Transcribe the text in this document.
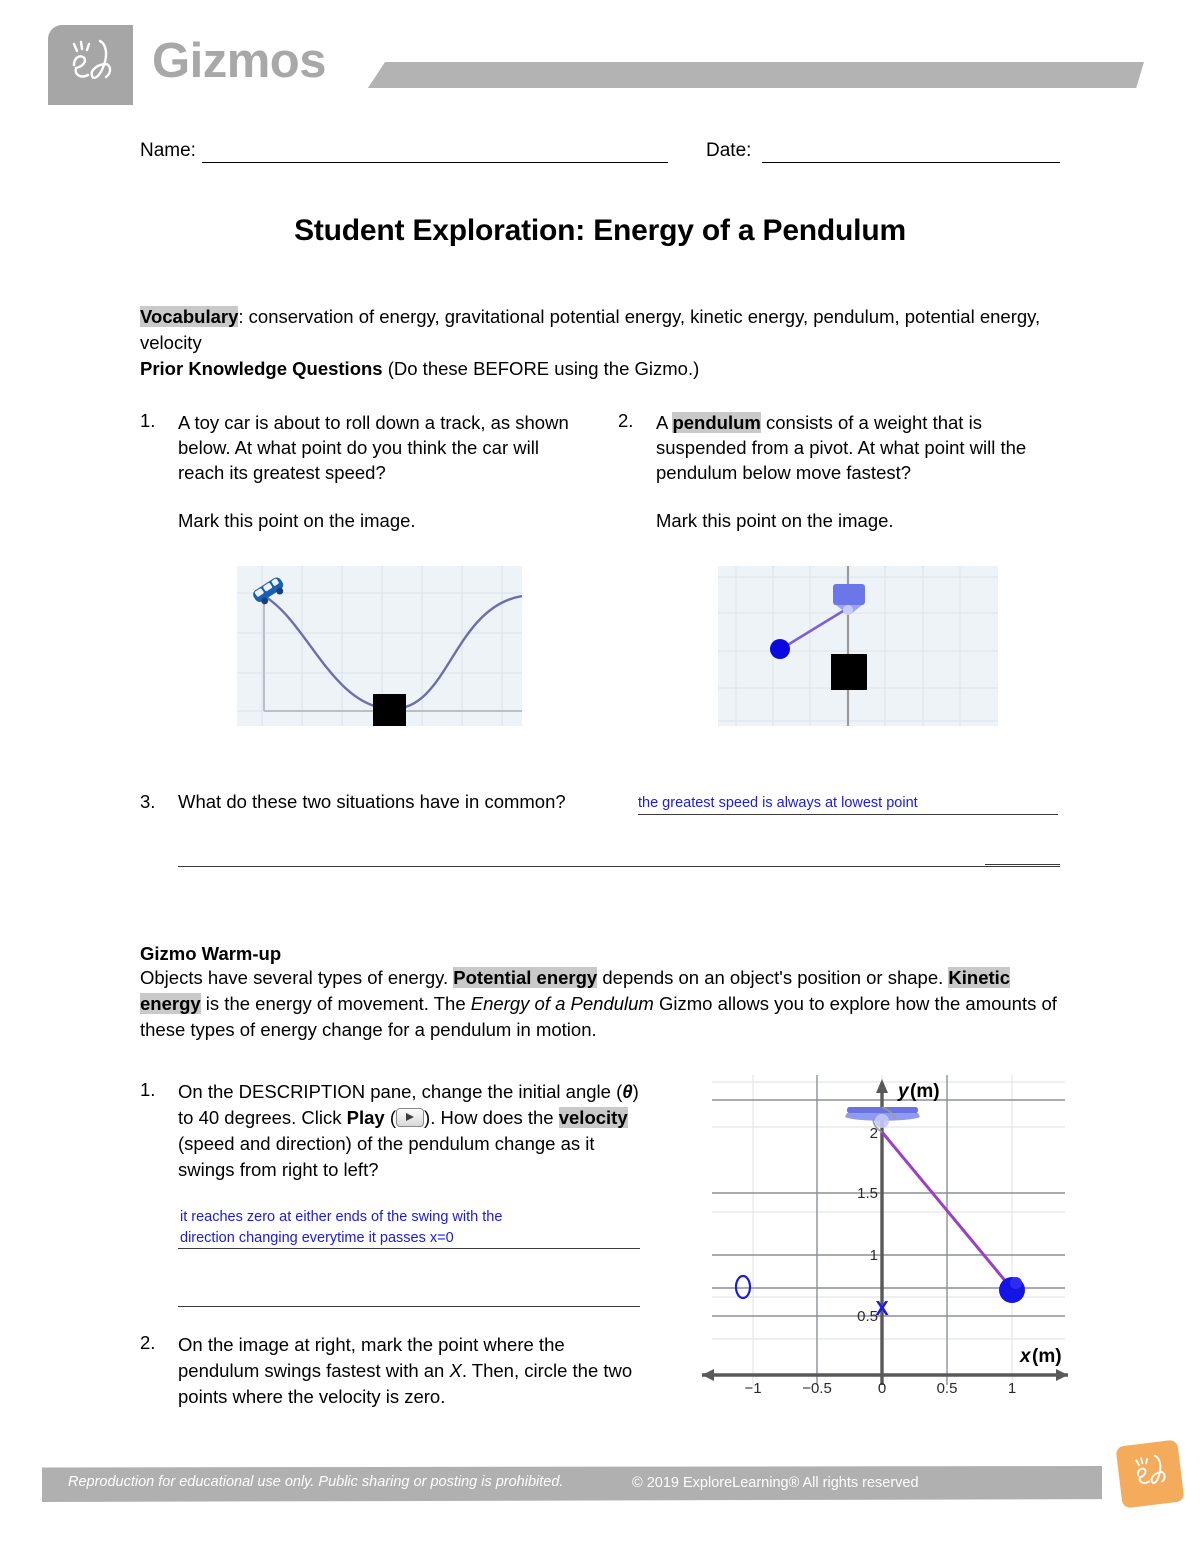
Gizmos
Name:	Date:
Student Exploration: Energy of a Pendulum

Vocabulary: conservation of energy, gravitational potential energy, kinetic energy, pendulum, potential energy, velocity

Prior Knowledge Questions (Do these BEFORE using the Gizmo.)

1. A toy car is about to roll down a track, as shown below. At what point do you think the car will reach its greatest speed?
Mark this point on the image.
2. A pendulum consists of a weight that is suspended from a pivot. At what point will the pendulum below move fastest?
Mark this point on the image.
3. What do these two situations have in common?	the greatest speed is always at lowest point
Gizmo Warm-up

Objects have several types of energy. Potential energy depends on an object's position or shape. Kinetic energy is the energy of movement. The Energy of a Pendulum Gizmo allows you to explore how the amounts of these types of energy change for a pendulum in motion.

1. On the DESCRIPTION pane, change the initial angle (θ) to 40 degrees. Click Play ( ). How does the velocity (speed and direction) of the pendulum change as it swings from right to left?
it reaches zero at either ends of the swing with the
direction changing everytime it passes x=0
2. On the image at right, mark the point where the pendulum swings fastest with an X. Then, circle the two points where the velocity is zero.
y (m)
x (m)
−1	−0.5	0	0.5	1
0.5
1
1.5
2
X
Reproduction for educational use only. Public sharing or posting is prohibited.	© 2019 ExploreLearning® All rights reserved
